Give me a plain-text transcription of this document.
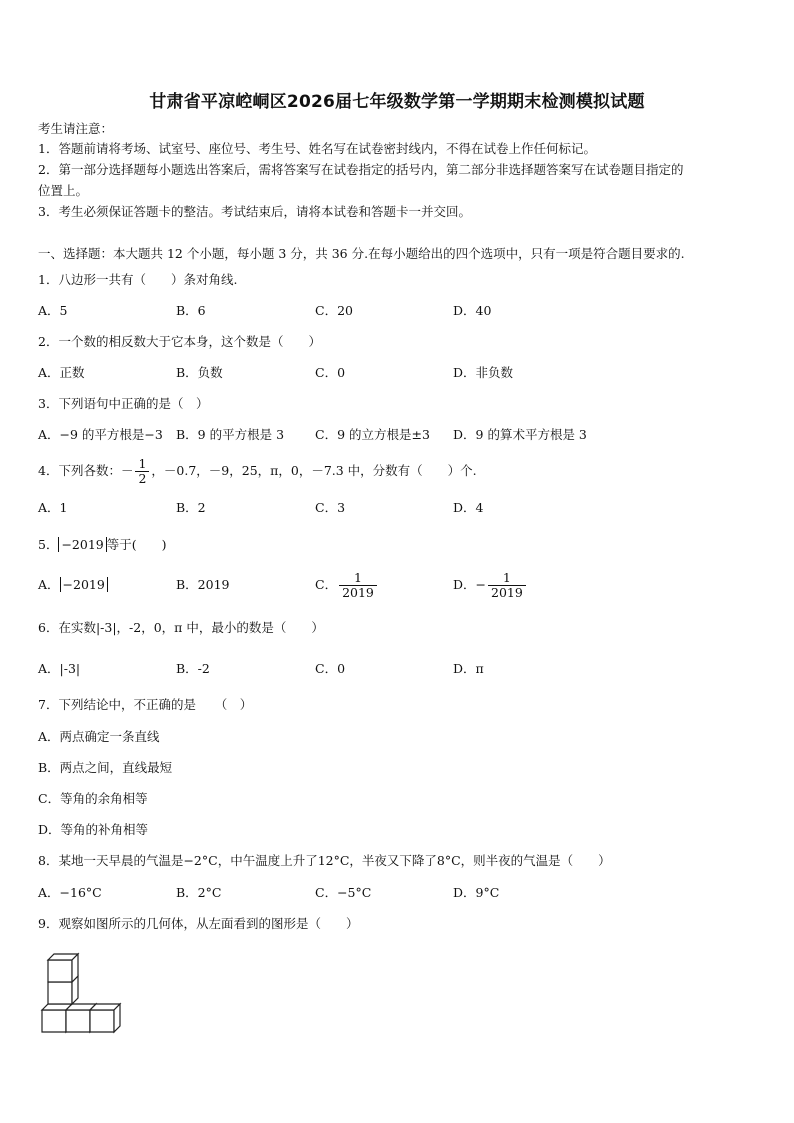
甘肃省平凉崆峒区2026届七年级数学第一学期期末检测模拟试题
考生请注意：
1．答题前请将考场、试室号、座位号、考生号、姓名写在试卷密封线内，不得在试卷上作任何标记。
2．第一部分选择题每小题选出答案后，需将答案写在试卷指定的括号内，第二部分非选择题答案写在试卷题目指定的
位置上。
3．考生必须保证答题卡的整洁。考试结束后，请将本试卷和答题卡一并交回。
一、选择题：本大题共 12 个小题，每小题 3 分，共 36 分.在每小题给出的四个选项中，只有一项是符合题目要求的.
1．八边形一共有（　　）条对角线.
A．5	B．6	C．20	D．40
2．一个数的相反数大于它本身，这个数是（　　）
A．正数	B．负数	C．0	D．非负数
3．下列语句中正确的是（　）
A．−9 的平方根是−3 B．9 的平方根是 3 C．9 的立方根是±3 D．9 的算术平方根是 3
4．下列各数：－ $\frac{1}{2}$ ，－0.7，－9，25，π，0，－7.3 中，分数有（　　）个.
A．1	B．2	C．3	D．4
5． −2019 等于(　　)
A． −2019	B．2019	C． $\frac{1}{2019}$	D．− $\frac{1}{2019}$
6．在实数|-3|，-2，0，π 中，最小的数是（　　）
A．|-3|	B．-2	C．0	D．π
7．下列结论中，不正确的是　　（　）
A．两点确定一条直线
B．两点之间，直线最短
C．等角的余角相等
D．等角的补角相等
8．某地一天早晨的气温是−2°C，中午温度上升了12°C，半夜又下降了8°C，则半夜的气温是（　　）
A．−16°C	B．2°C	C．−5°C	D．9°C
9．观察如图所示的几何体，从左面看到的图形是（　　）
